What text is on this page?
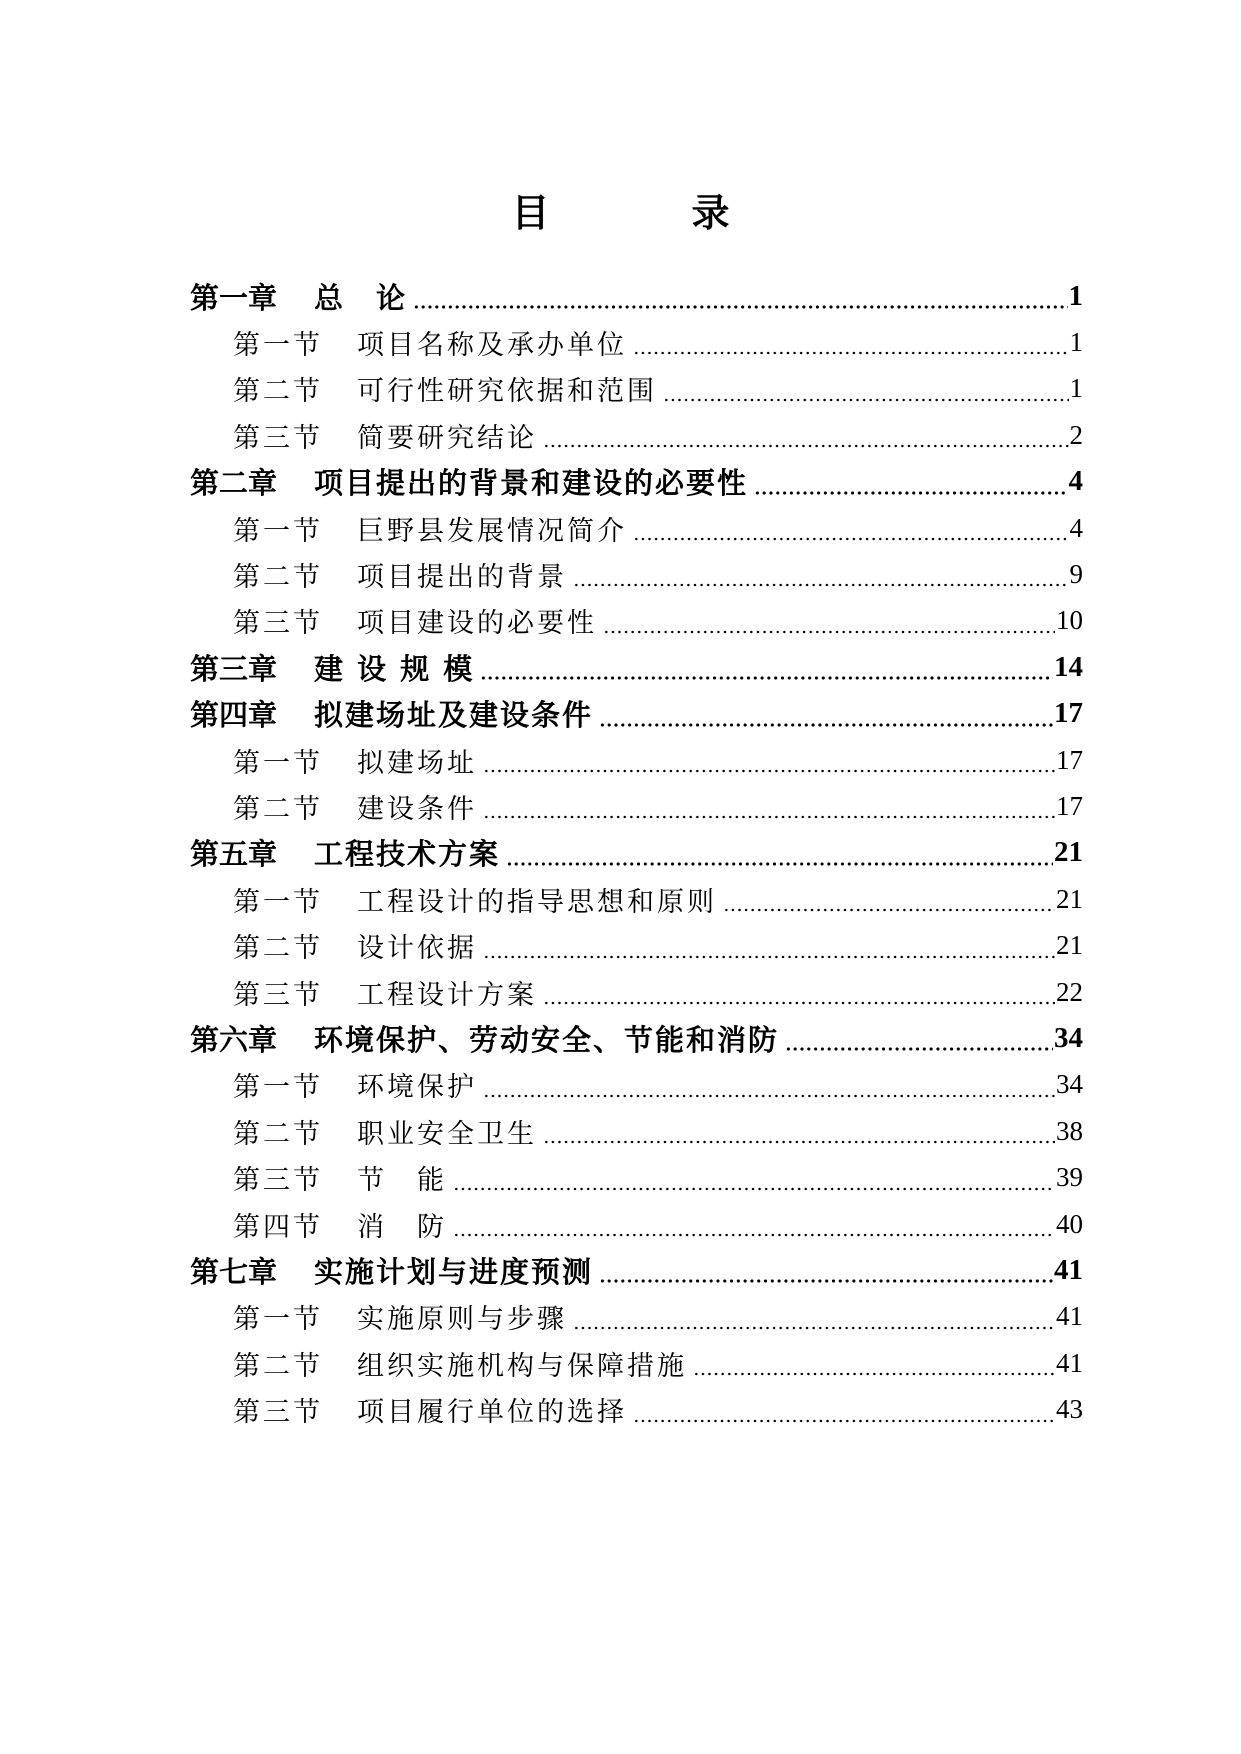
目　录
第一章	总　论	1
第一节	项目名称及承办单位	1
第二节	可行性研究依据和范围	1
第三节	简要研究结论	2
第二章	项目提出的背景和建设的必要性	4
第一节	巨野县发展情况简介	4
第二节	项目提出的背景	9
第三节	项目建设的必要性	10
第三章	建 设 规 模	14
第四章	拟建场址及建设条件	17
第一节	拟建场址	17
第二节	建设条件	17
第五章	工程技术方案	21
第一节	工程设计的指导思想和原则	21
第二节	设计依据	21
第三节	工程设计方案	22
第六章	环境保护、劳动安全、节能和消防	34
第一节	环境保护	34
第二节	职业安全卫生	38
第三节	节　能	39
第四节	消　防	40
第七章	实施计划与进度预测	41
第一节	实施原则与步骤	41
第二节	组织实施机构与保障措施	41
第三节	项目履行单位的选择	43
